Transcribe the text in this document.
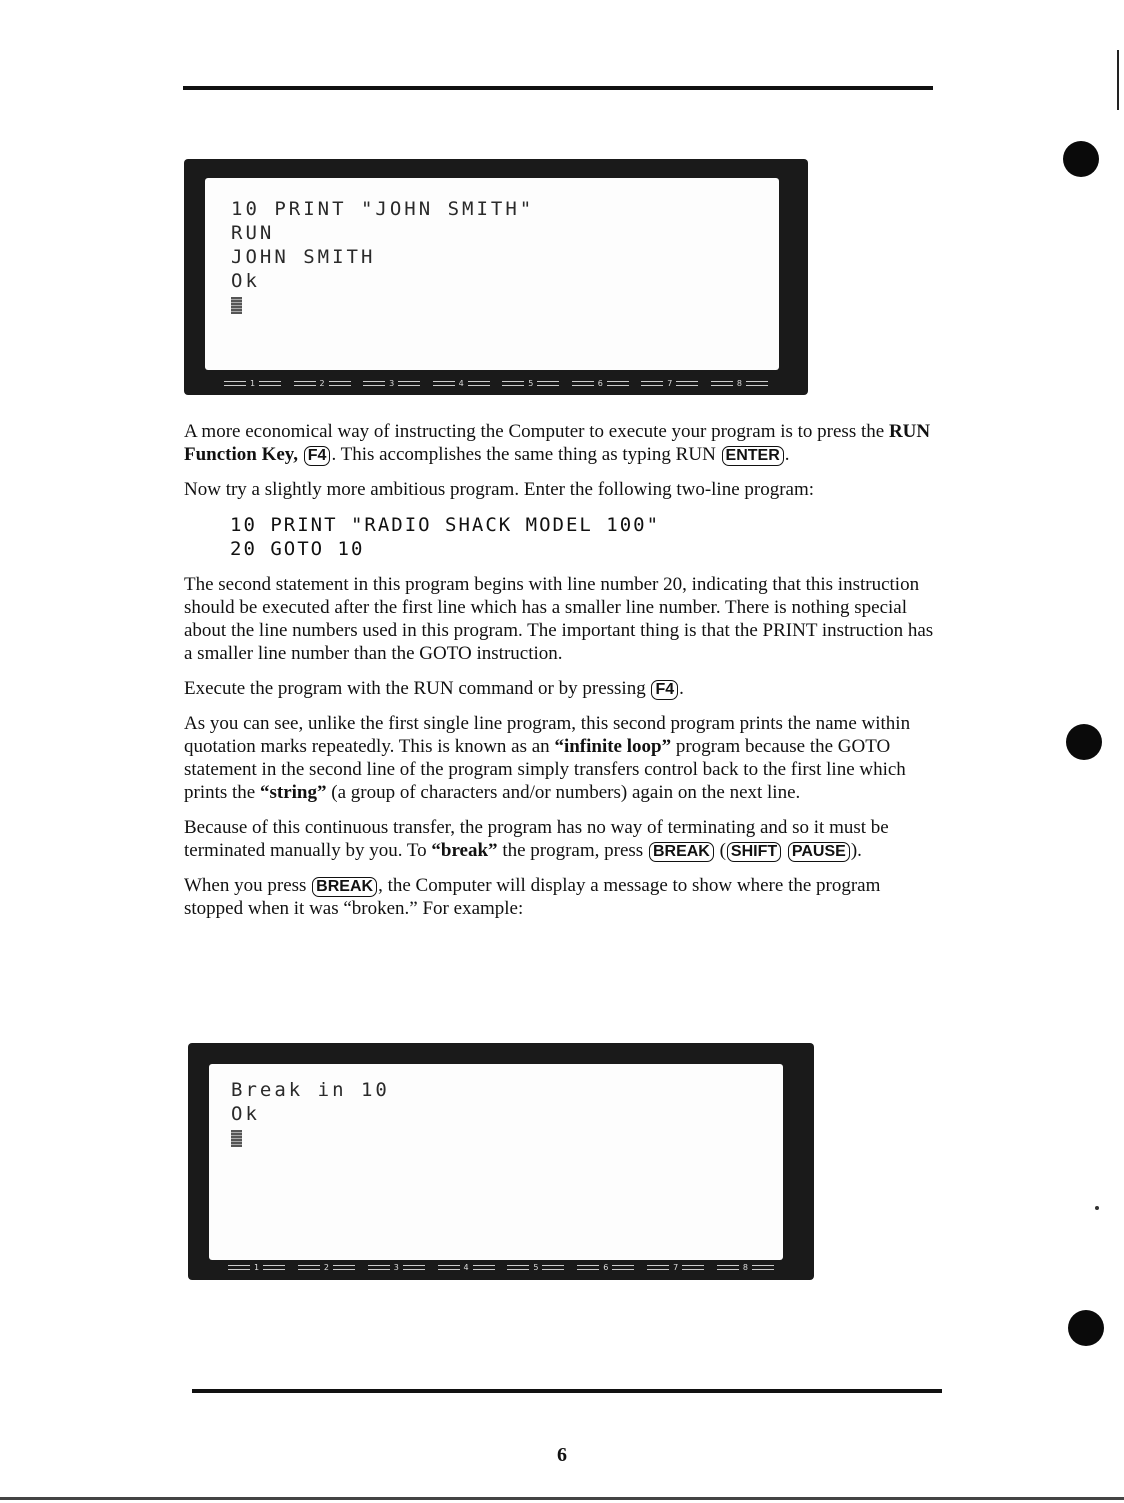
10 PRINT "JOHN SMITH"
RUN
JOHN SMITH
Ok
1	2	3	4	5	6	7	8

A more economical way of instructing the Computer to execute your program is to press the RUN Function Key, F4 . This accomplishes the same thing as typing RUN ENTER .

Now try a slightly more ambitious program. Enter the following two-line program:

10 PRINT "RADIO SHACK MODEL 100"
20 GOTO 10

The second statement in this program begins with line number 20, indicating that this instruction should be executed after the first line which has a smaller line number. There is nothing special about the line numbers used in this program. The important thing is that the PRINT instruction has a smaller line number than the GOTO instruction.

Execute the program with the RUN command or by pressing F4 .

As you can see, unlike the first single line program, this second program prints the name within quotation marks repeatedly. This is known as an “infinite loop” program because the GOTO statement in the second line of the program simply transfers control back to the first line which prints the “string” (a group of characters and/or numbers) again on the next line.

Because of this continuous transfer, the program has no way of terminating and so it must be terminated manually by you. To “break” the program, press BREAK ( SHIFT PAUSE ).

When you press BREAK , the Computer will display a message to show where the program stopped when it was “broken.” For example:

Break in 10
Ok
1	2	3	4	5	6	7	8
6
